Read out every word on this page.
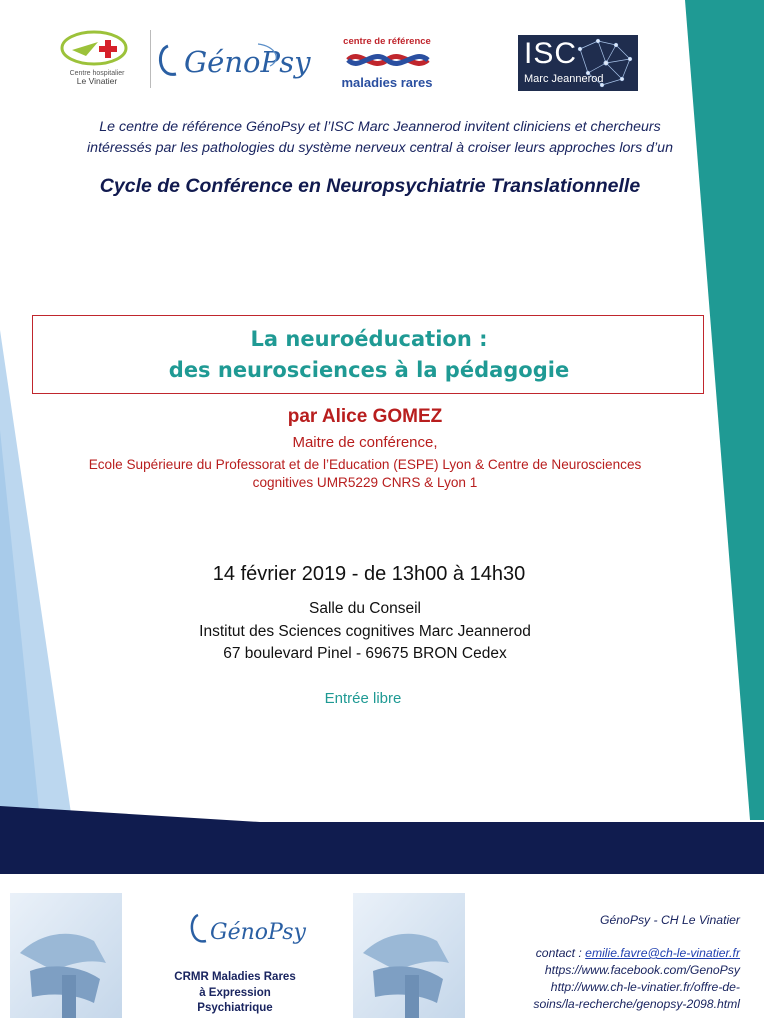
Centre hospitalier
Le Vinatier
GénoPsy
centre de référence
maladies rares
ISC
Marc Jeannerod
Le centre de référence GénoPsy et l’ISC Marc Jeannerod invitent cliniciens et chercheurs
intéressés par les pathologies du système nerveux central à croiser leurs approches lors d’un
Cycle de Conférence en Neuropsychiatrie Translationnelle
La neuroéducation :
des neurosciences à la pédagogie
par Alice GOMEZ
Maitre de conférence,
Ecole Supérieure du Professorat et de l’Education (ESPE) Lyon & Centre de Neurosciences
cognitives UMR5229 CNRS & Lyon 1
14 février 2019 - de 13h00 à 14h30
Salle du Conseil
Institut des Sciences cognitives Marc Jeannerod
67 boulevard Pinel - 69675 BRON Cedex
Entrée libre
GénoPsy
CRMR Maladies Rares
à Expression
Psychiatrique
GénoPsy - CH Le Vinatier
contact : emilie.favre@ch-le-vinatier.fr
https://www.facebook.com/GenoPsy
http://www.ch-le-vinatier.fr/offre-de-
soins/la-recherche/genopsy-2098.html
